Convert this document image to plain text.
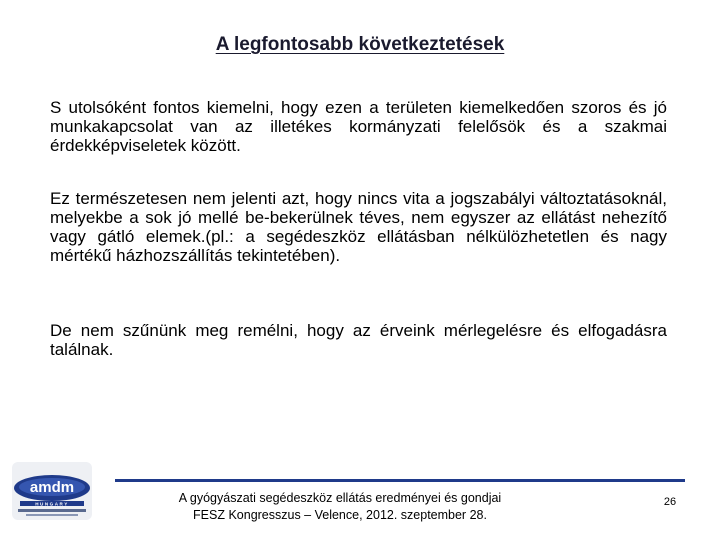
A legfontosabb következtetések

S utolsóként fontos kiemelni, hogy ezen a területen kiemelkedően szoros és jó munkakapcsolat van az illetékes kormányzati felelősök és a szakmai érdekképviseletek között.

Ez természetesen nem jelenti azt, hogy nincs vita a jogszabályi változtatásoknál, melyekbe a sok jó mellé be-bekerülnek téves, nem egyszer az ellátást nehezítő vagy gátló elemek.(pl.: a segédeszköz ellátásban nélkülözhetetlen és nagy mértékű házhozszállítás tekintetében).

De nem szűnünk meg remélni, hogy az érveink mérlegelésre és elfogadásra találnak.

amdm
HUNGARY	A gyógyászati segédeszköz ellátás eredményei és gondjai
FESZ Kongresszus – Velence, 2012. szeptember 28.
26
